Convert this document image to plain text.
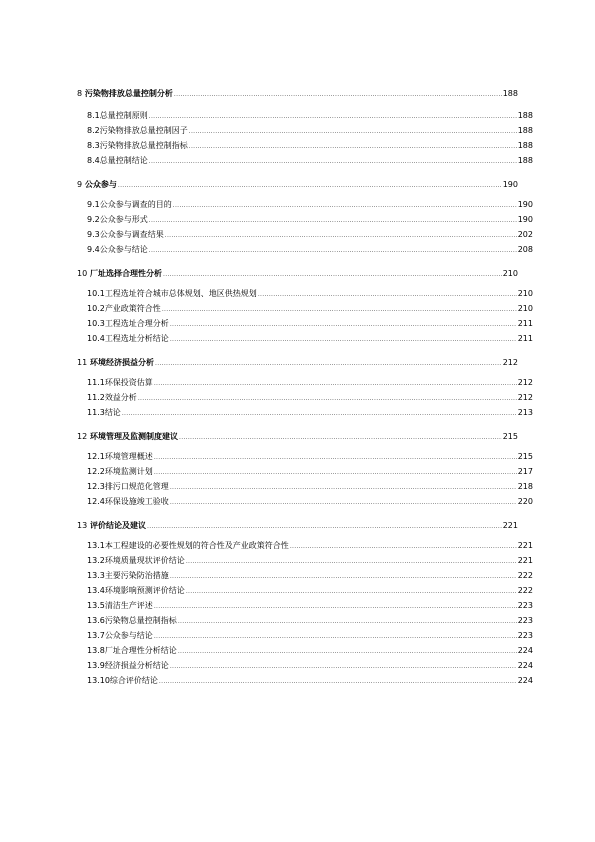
8 污染物排放总量控制分析 .....	188
8.1总量控制原则 .....	188
8.2污染物排放总量控制因子 .....	188
8.3污染物排放总量控制指标 .....	188
8.4总量控制结论 .....	188
9 公众参与 .....	190
9.1公众参与调查的目的 .....	190
9.2公众参与形式 .....	190
9.3公众参与调查结果 .....	202
9.4公众参与结论 .....	208
10 厂址选择合理性分析 .....	210
10.1工程选址符合城市总体规划、地区供热规划 .....	210
10.2产业政策符合性 .....	210
10.3工程选址合理分析 .....	211
10.4工程选址分析结论 .....	211
11 环境经济损益分析 .....	212
11.1环保投资估算 .....	212
11.2效益分析 .....	212
11.3结论 .....	213
12 环境管理及监测制度建议 .....	215
12.1环境管理概述 .....	215
12.2环境监测计划 .....	217
12.3排污口规范化管理 .....	218
12.4环保设施竣工验收 .....	220
13 评价结论及建议 .....	221
13.1本工程建设的必要性规划的符合性及产业政策符合性 .....	221
13.2环境质量现状评价结论 .....	221
13.3主要污染防治措施 .....	222
13.4环境影响预测评价结论 .....	222
13.5清洁生产评述 .....	223
13.6污染物总量控制指标 .....	223
13.7公众参与结论 .....	223
13.8厂址合理性分析结论 .....	224
13.9经济损益分析结论 .....	224
13.10综合评价结论 .....	224
